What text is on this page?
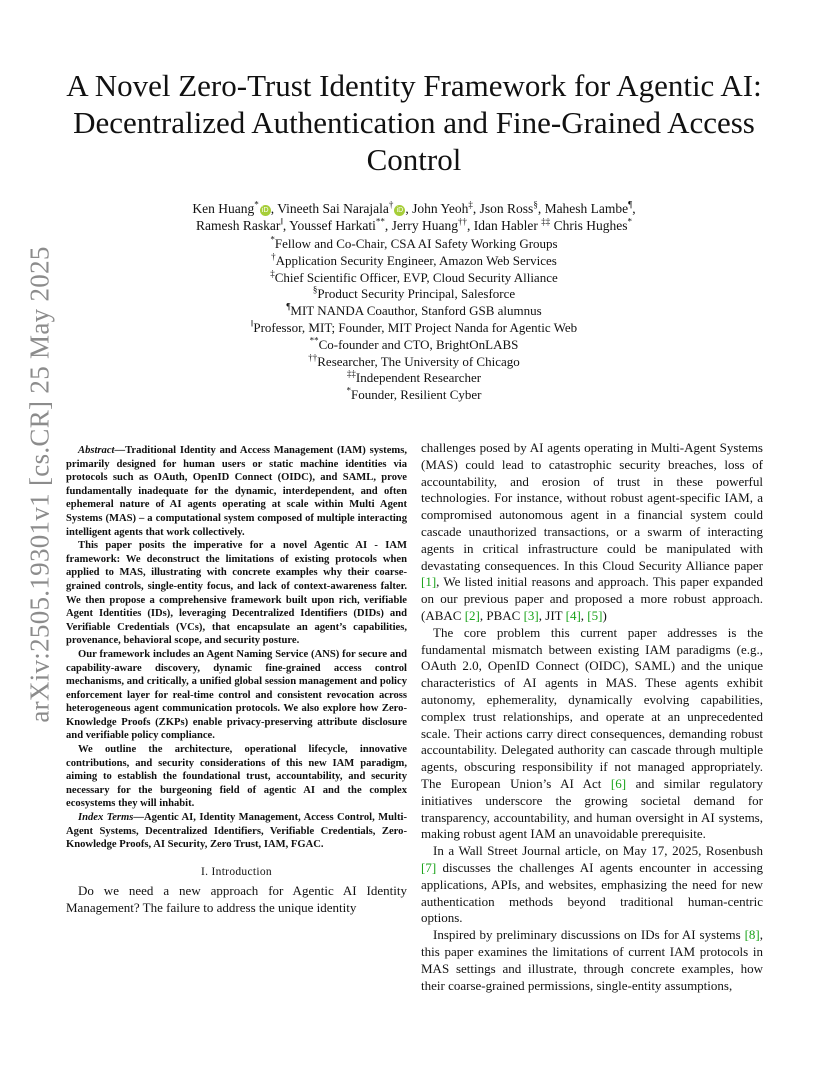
arXiv:2505.19301v1 [cs.CR] 25 May 2025
A Novel Zero-Trust Identity Framework for Agentic AI: Decentralized Authentication and Fine-Grained Access Control
Ken Huang*iD , Vineeth Sai Narajala†iD , John Yeoh‡, Json Ross§, Mahesh Lambe¶,
Ramesh Raskar‖, Youssef Harkati**, Jerry Huang††, Idan Habler ‡‡ Chris Hughes*
*Fellow and Co-Chair, CSA AI Safety Working Groups
†Application Security Engineer, Amazon Web Services
‡Chief Scientific Officer, EVP, Cloud Security Alliance
§Product Security Principal, Salesforce
¶MIT NANDA Coauthor, Stanford GSB alumnus
‖Professor, MIT; Founder, MIT Project Nanda for Agentic Web
**Co-founder and CTO, BrightOnLABS
††Researcher, The University of Chicago
‡‡Independent Researcher
*Founder, Resilient Cyber

Abstract—Traditional Identity and Access Management (IAM) systems, primarily designed for human users or static machine identities via protocols such as OAuth, OpenID Connect (OIDC), and SAML, prove fundamentally inadequate for the dynamic, interdependent, and often ephemeral nature of AI agents operating at scale within Multi Agent Systems (MAS) – a computational system composed of multiple interacting intelligent agents that work collectively.

This paper posits the imperative for a novel Agentic AI - IAM framework: We deconstruct the limitations of existing protocols when applied to MAS, illustrating with concrete examples why their coarse-grained controls, single-entity focus, and lack of context-awareness falter. We then propose a comprehensive framework built upon rich, verifiable Agent Identities (IDs), leveraging Decentralized Identifiers (DIDs) and Verifiable Credentials (VCs), that encapsulate an agent’s capabilities, provenance, behavioral scope, and security posture.

Our framework includes an Agent Naming Service (ANS) for secure and capability-aware discovery, dynamic fine-grained access control mechanisms, and critically, a unified global session management and policy enforcement layer for real-time control and consistent revocation across heterogeneous agent communication protocols. We also explore how Zero-Knowledge Proofs (ZKPs) enable privacy-preserving attribute disclosure and verifiable policy compliance.

We outline the architecture, operational lifecycle, innovative contributions, and security considerations of this new IAM paradigm, aiming to establish the foundational trust, accountability, and security necessary for the burgeoning field of agentic AI and the complex ecosystems they will inhabit.

Index Terms—Agentic AI, Identity Management, Access Control, Multi-Agent Systems, Decentralized Identifiers, Verifiable Credentials, Zero-Knowledge Proofs, AI Security, Zero Trust, IAM, FGAC.

I. Introduction

Do we need a new approach for Agentic AI Identity Management? The failure to address the unique identity

challenges posed by AI agents operating in Multi-Agent Systems (MAS) could lead to catastrophic security breaches, loss of accountability, and erosion of trust in these powerful technologies. For instance, without robust agent-specific IAM, a compromised autonomous agent in a financial system could cascade unauthorized transactions, or a swarm of interacting agents in critical infrastructure could be manipulated with devastating consequences. In this Cloud Security Alliance paper [1], We listed initial reasons and approach. This paper expanded on our previous paper and proposed a more robust approach. (ABAC [2], PBAC [3], JIT [4], [5])

The core problem this current paper addresses is the fundamental mismatch between existing IAM paradigms (e.g., OAuth 2.0, OpenID Connect (OIDC), SAML) and the unique characteristics of AI agents in MAS. These agents exhibit autonomy, ephemerality, dynamically evolving capabilities, complex trust relationships, and operate at an unprecedented scale. Their actions carry direct consequences, demanding robust accountability. Delegated authority can cascade through multiple agents, obscuring responsibility if not managed appropriately. The European Union’s AI Act [6] and similar regulatory initiatives underscore the growing societal demand for transparency, accountability, and human oversight in AI systems, making robust agent IAM an unavoidable prerequisite.

In a Wall Street Journal article, on May 17, 2025, Rosenbush [7] discusses the challenges AI agents encounter in accessing applications, APIs, and websites, emphasizing the need for new authentication methods beyond traditional human-centric options.

Inspired by preliminary discussions on IDs for AI systems [8], this paper examines the limitations of current IAM protocols in MAS settings and illustrate, through concrete examples, how their coarse-grained permissions, single-entity assumptions,
